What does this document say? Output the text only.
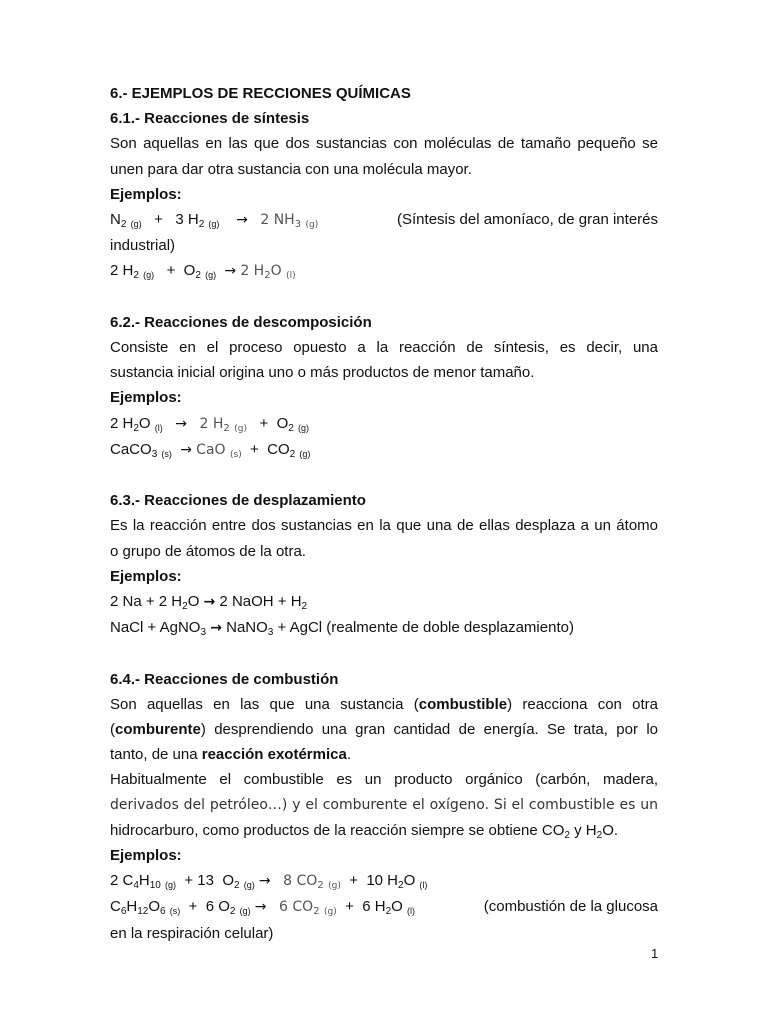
6.- EJEMPLOS DE RECCIONES QUÍMICAS
6.1.- Reacciones de síntesis
Son aquellas en las que dos sustancias con moléculas de tamaño pequeño se
unen para dar otra sustancia con una molécula mayor.
Ejemplos:
$N_2$ $_{(g)}$   +   3 $H_2$ $_{(g)}$ → 2 $NH_3$ $_{(g)}$	(Síntesis del amoníaco, de gran interés
industrial)
2 $H_2$ $_{(g)} + O_2$ $_{(g)}$ → 2 $H_2O$ $_{(l)}$
6.2.- Reacciones de descomposición
Consiste en el proceso opuesto a la reacción de síntesis, es decir, una
sustancia inicial origina uno o más productos de menor tamaño.
Ejemplos:
2 $H_2O$ $_{(l)}$ → 2 $H_2$ $_{(g)} + O_2$ $_{(g)}$
CaCO$_3$ $_{(s)}$ → CaO $_{(s)} + CO_2$ $_{(g)}$
6.3.- Reacciones de desplazamiento
Es la reacción entre dos sustancias en la que una de ellas desplaza a un átomo
o grupo de átomos de la otra.
Ejemplos:
2 Na + 2 $H_2O \to 2$ NaOH + $H_2$
NaCl + AgNO$_3$ → NaNO$_3$ + AgCl (realmente de doble desplazamiento)
6.4.- Reacciones de combustión
Son aquellas en las que una sustancia (combustible) reacciona con otra
(comburente) desprendiendo una gran cantidad de energía. Se trata, por lo
tanto, de una reacción exotérmica.
Habitualmente el combustible es un producto orgánico (carbón, madera,
derivados del petróleo…) y el comburente el oxígeno. Si el combustible es un
hidrocarburo, como productos de la reacción siempre se obtiene $CO_2$ y $H_2O$.
Ejemplos:
2 $C_4H_{10}$ $_{(g)}$  + 13  $O_2$ $_{(g)}$ → 8 $CO_2$ $_{(g)}$  +  10 $H_2O$ $_{(l)}$
$C_6H_{12}O_6$ $_{(s)}$  +  6 $O_2$ $_{(g)}$ → 6 $CO_2$ $_{(g)}$  +  6 $H_2O$ $_{(l)}$	(combustión de la glucosa
en la respiración celular)
1
